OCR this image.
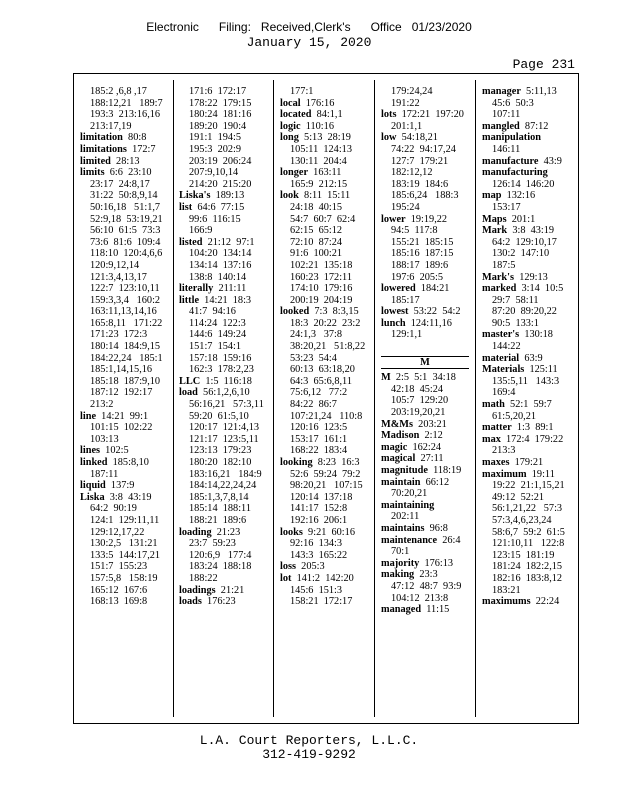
Electronic      Filing:   Received,Clerk's      Office   01/23/2020
January 15, 2020
Page 231
185:2 ,6,8 ,17
188:12,21   189:7
193:3  213:16,16
213:17,19
limitation  80:8
limitations  172:7
limited  28:13
limits  6:6  23:10
23:17  24:8,17
31:22  50:8,9,14
50:16,18   51:1,7
52:9,18  53:19,21
56:10  61:5  73:3
73:6  81:6  109:4
118:10  120:4,6,6
120:9,12,14
121:3,4,13,17
122:7  123:10,11
159:3,3,4   160:2
163:11,13,14,16
165:8,11   171:22
171:23  172:3
180:14  184:9,15
184:22,24   185:1
185:1,14,15,16
185:18  187:9,10
187:12  192:17
213:2
line  14:21  99:1
101:15  102:22
103:13
lines  102:5
linked  185:8,10
187:11
liquid  137:9
Liska  3:8  43:19
64:2  90:19
124:1  129:11,11
129:12,17,22
130:2,5   131:21
133:5  144:17,21
151:7  155:23
157:5,8   158:19
165:12  167:6
168:13  169:8
171:6  172:17
178:22  179:15
180:24  181:16
189:20  190:4
191:1  194:5
195:3  202:9
203:19  206:24
207:9,10,14
214:20  215:20
Liska's  189:13
list  64:6  77:15
99:6  116:15
166:9
listed  21:12  97:1
104:20  134:14
134:14  137:16
138:8  140:14
literally  211:11
little  14:21  18:3
41:7  94:16
114:24  122:3
144:6  149:24
151:7  154:1
157:18  159:16
162:3  178:2,23
LLC  1:5  116:18
load  56:1,2,6,10
56:16,21   57:3,11
59:20  61:5,10
120:17  121:4,13
121:17  123:5,11
123:13  179:23
180:20  182:10
183:16,21   184:9
184:14,22,24,24
185:1,3,7,8,14
185:14  188:11
188:21  189:6
loading  21:23
23:7  59:23
120:6,9   177:4
183:24  188:18
188:22
loadings  21:21
loads  176:23
177:1
local  176:16
located  84:1,1
logic  110:16
long  5:13  28:19
105:11  124:13
130:11  204:4
longer  163:11
165:9  212:15
look  8:11  15:11
24:18  40:15
54:7  60:7  62:4
62:15  65:12
72:10  87:24
91:6  100:21
102:21  135:18
160:23  172:11
174:10  179:16
200:19  204:19
looked  7:3  8:3,15
18:3  20:22  23:2
24:1,3   37:8
38:20,21   51:8,22
53:23  54:4
60:13  63:18,20
64:3  65:6,8,11
75:6,12   77:2
84:22  86:7
107:21,24   110:8
120:16  123:5
153:17  161:1
168:22  183:4
looking  8:23  16:3
52:6  59:24  79:2
98:20,21   107:15
120:14  137:18
141:17  152:8
192:16  206:1
looks  9:21  60:16
92:16  134:3
143:3  165:22
loss  205:3
lot  141:2  142:20
145:6  151:3
158:21  172:17
179:24,24
191:22
lots  172:21  197:20
201:1,1
low  54:18,21
74:22  94:17,24
127:7  179:21
182:12,12
183:19  184:6
185:6,24   188:3
195:24
lower  19:19,22
94:5  117:8
155:21  185:15
185:16  187:15
188:17  189:6
197:6  205:5
lowered  184:21
185:17
lowest  53:22  54:2
lunch  124:11,16
129:1,1
M
M  2:5  5:1  34:18
42:18  45:24
105:7  129:20
203:19,20,21
M&Ms  203:21
Madison  2:12
magic  162:24
magical  27:11
magnitude  118:19
maintain  66:12
70:20,21
maintaining
202:11
maintains  96:8
maintenance  26:4
70:1
majority  176:13
making  23:3
47:12  48:7  93:9
104:12  213:8
managed  11:15
manager  5:11,13
45:6  50:3
107:11
mangled  87:12
manipulation
146:11
manufacture  43:9
manufacturing
126:14  146:20
map  132:16
153:17
Maps  201:1
Mark  3:8  43:19
64:2  129:10,17
130:2  147:10
187:5
Mark's  129:13
marked  3:14  10:5
29:7  58:11
87:20  89:20,22
90:5  133:1
master's  130:18
144:22
material  63:9
Materials  125:11
135:5,11   143:3
169:4
math  52:1  59:7
61:5,20,21
matter  1:3  89:1
max  172:4  179:22
213:3
maxes  179:21
maximum  19:11
19:22  21:1,15,21
49:12  52:21
56:1,21,22   57:3
57:3,4,6,23,24
58:6,7  59:2  61:5
121:10,11   122:8
123:15  181:19
181:24  182:2,15
182:16  183:8,12
183:21
maximums  22:24
L.A. Court Reporters, L.L.C.
312-419-9292
